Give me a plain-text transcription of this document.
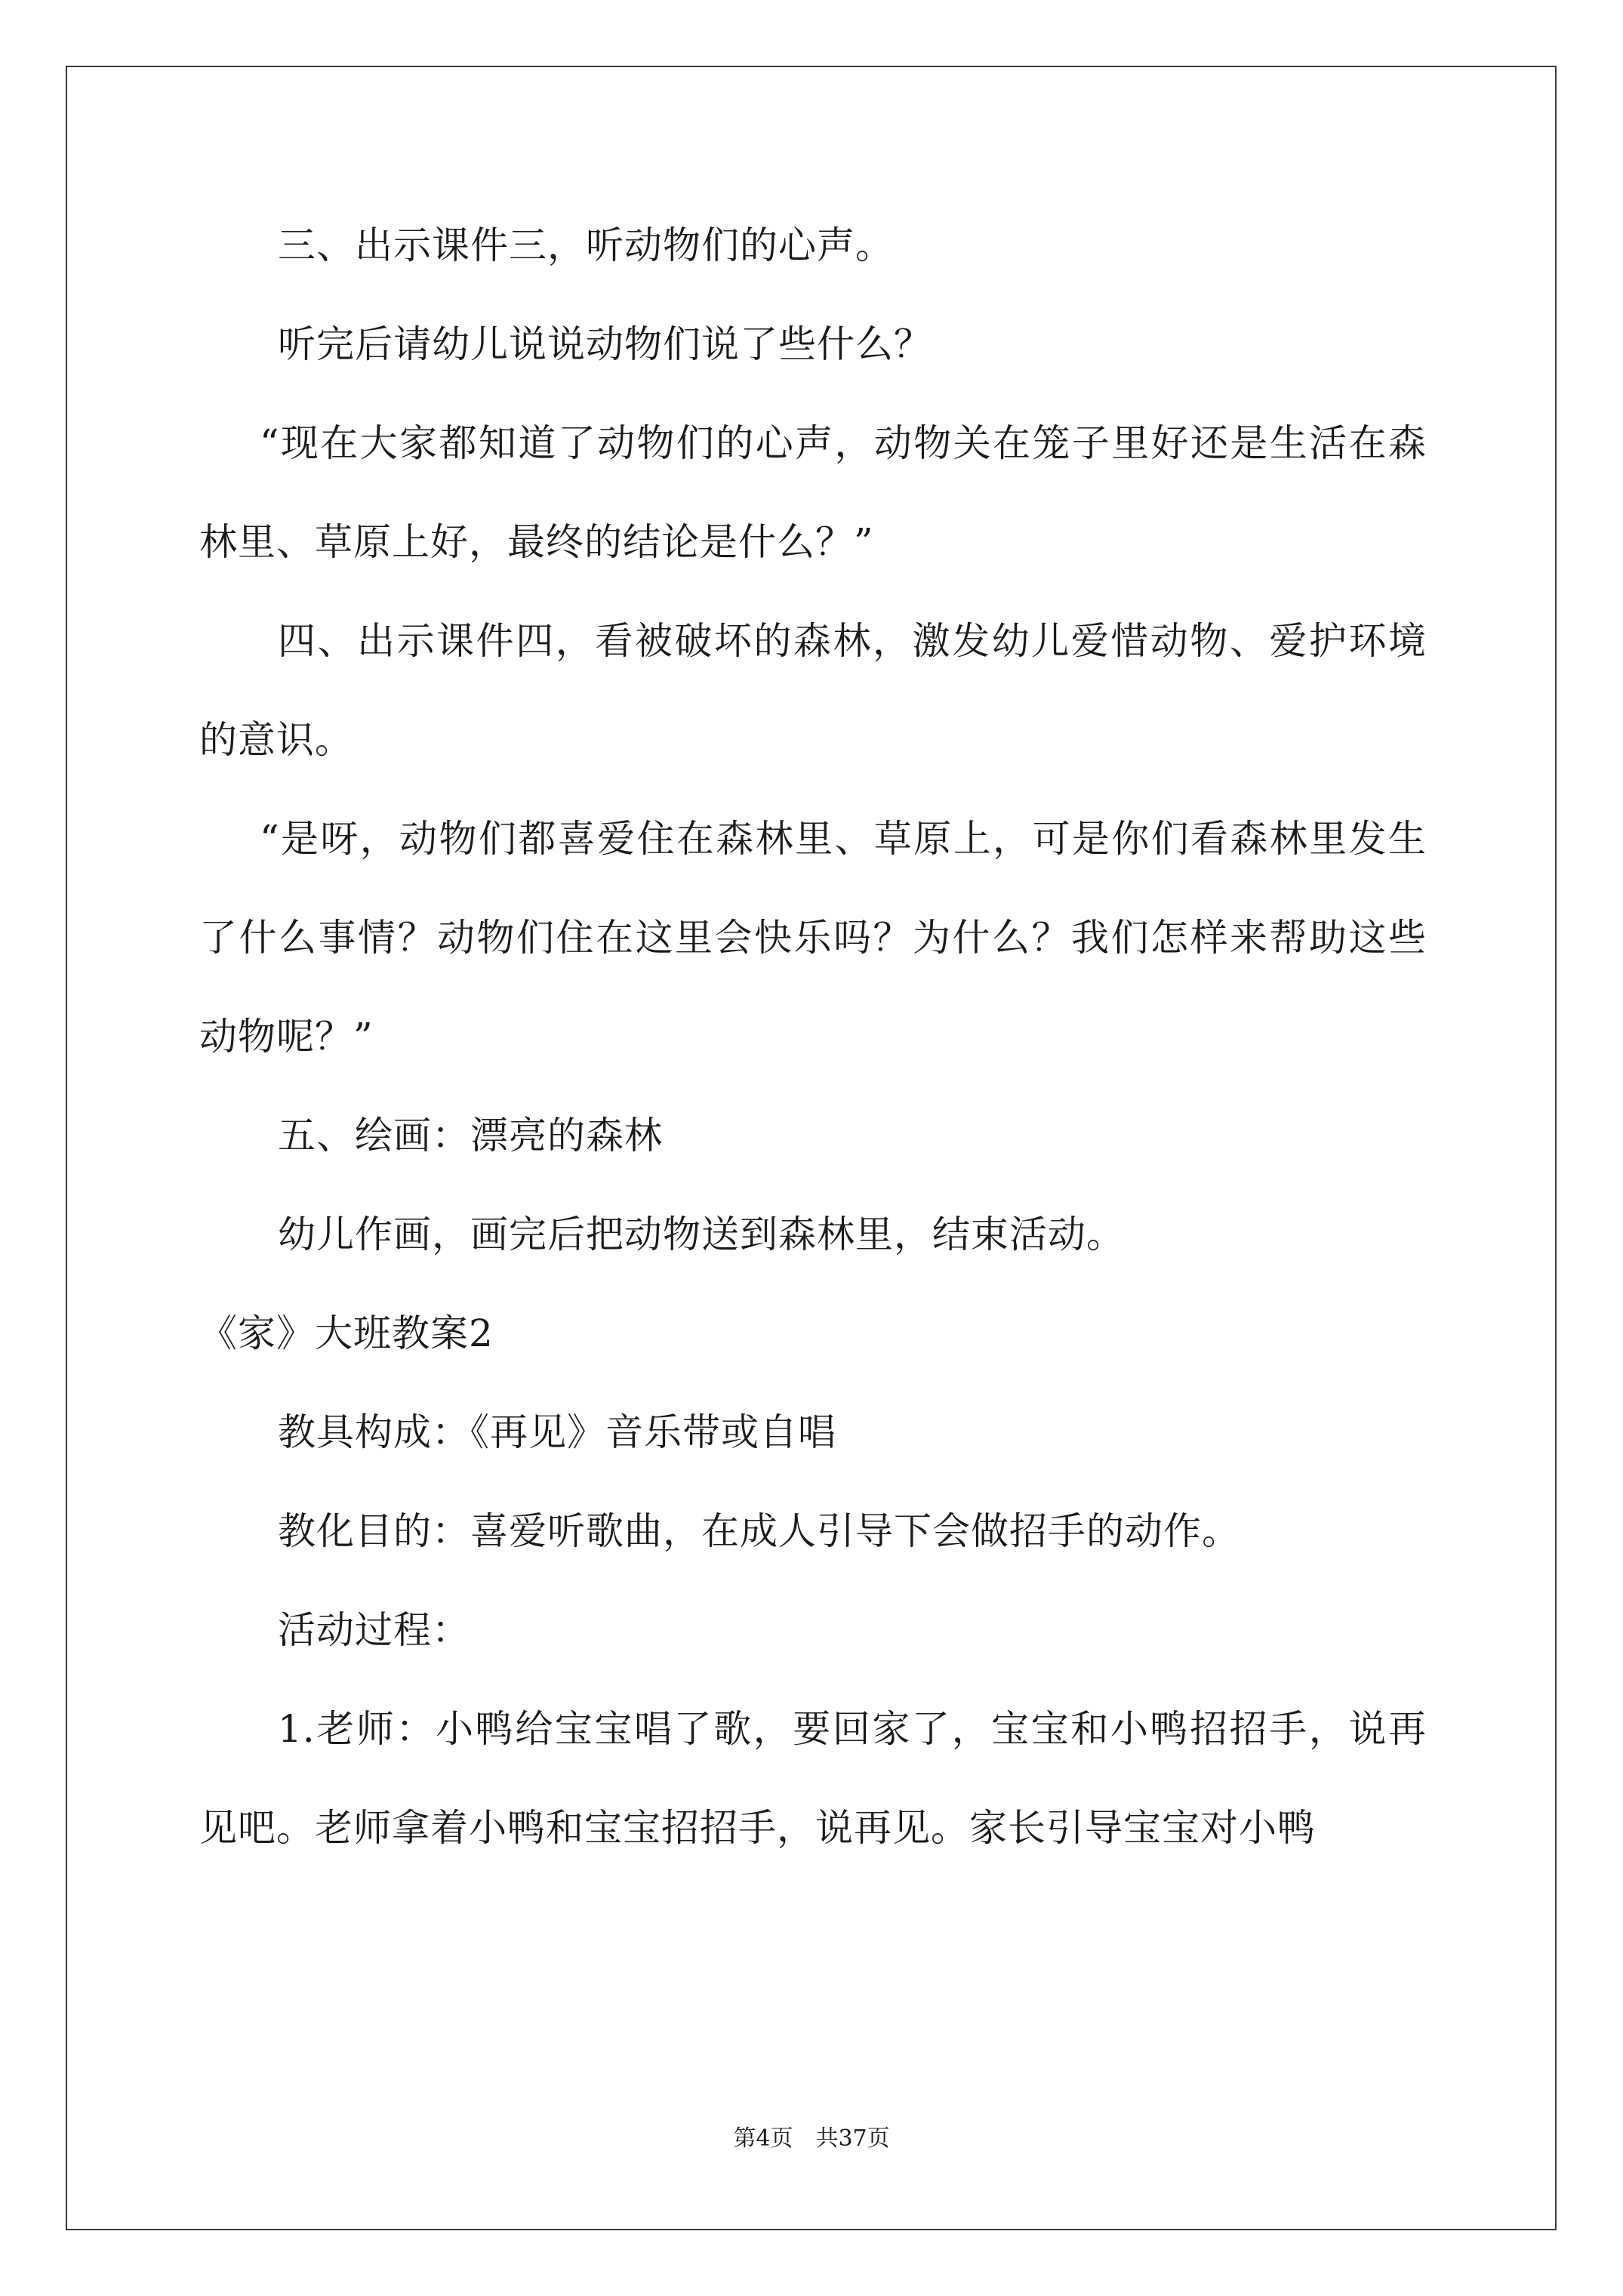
三、出示课件三，听动物们的心声。

听完后请幼儿说说动物们说了些什么？

“现在大家都知道了动物们的心声，动物关在笼子里好还是生活在森林里、草原上好，最终的结论是什么？”

四、出示课件四，看被破坏的森林，激发幼儿爱惜动物、爱护环境的意识。

“是呀，动物们都喜爱住在森林里、草原上，可是你们看森林里发生了什么事情？动物们住在这里会快乐吗？为什么？我们怎样来帮助这些动物呢？”

五、绘画：漂亮的森林

幼儿作画，画完后把动物送到森林里，结束活动。

《家》大班教案2

教具构成：《再见》音乐带或自唱

教化目的：喜爱听歌曲，在成人引导下会做招手的动作。

活动过程：

1.老师：小鸭给宝宝唱了歌，要回家了，宝宝和小鸭招招手，说再见吧。老师拿着小鸭和宝宝招招手，说再见。家长引导宝宝对小鸭

第4页　共37页
